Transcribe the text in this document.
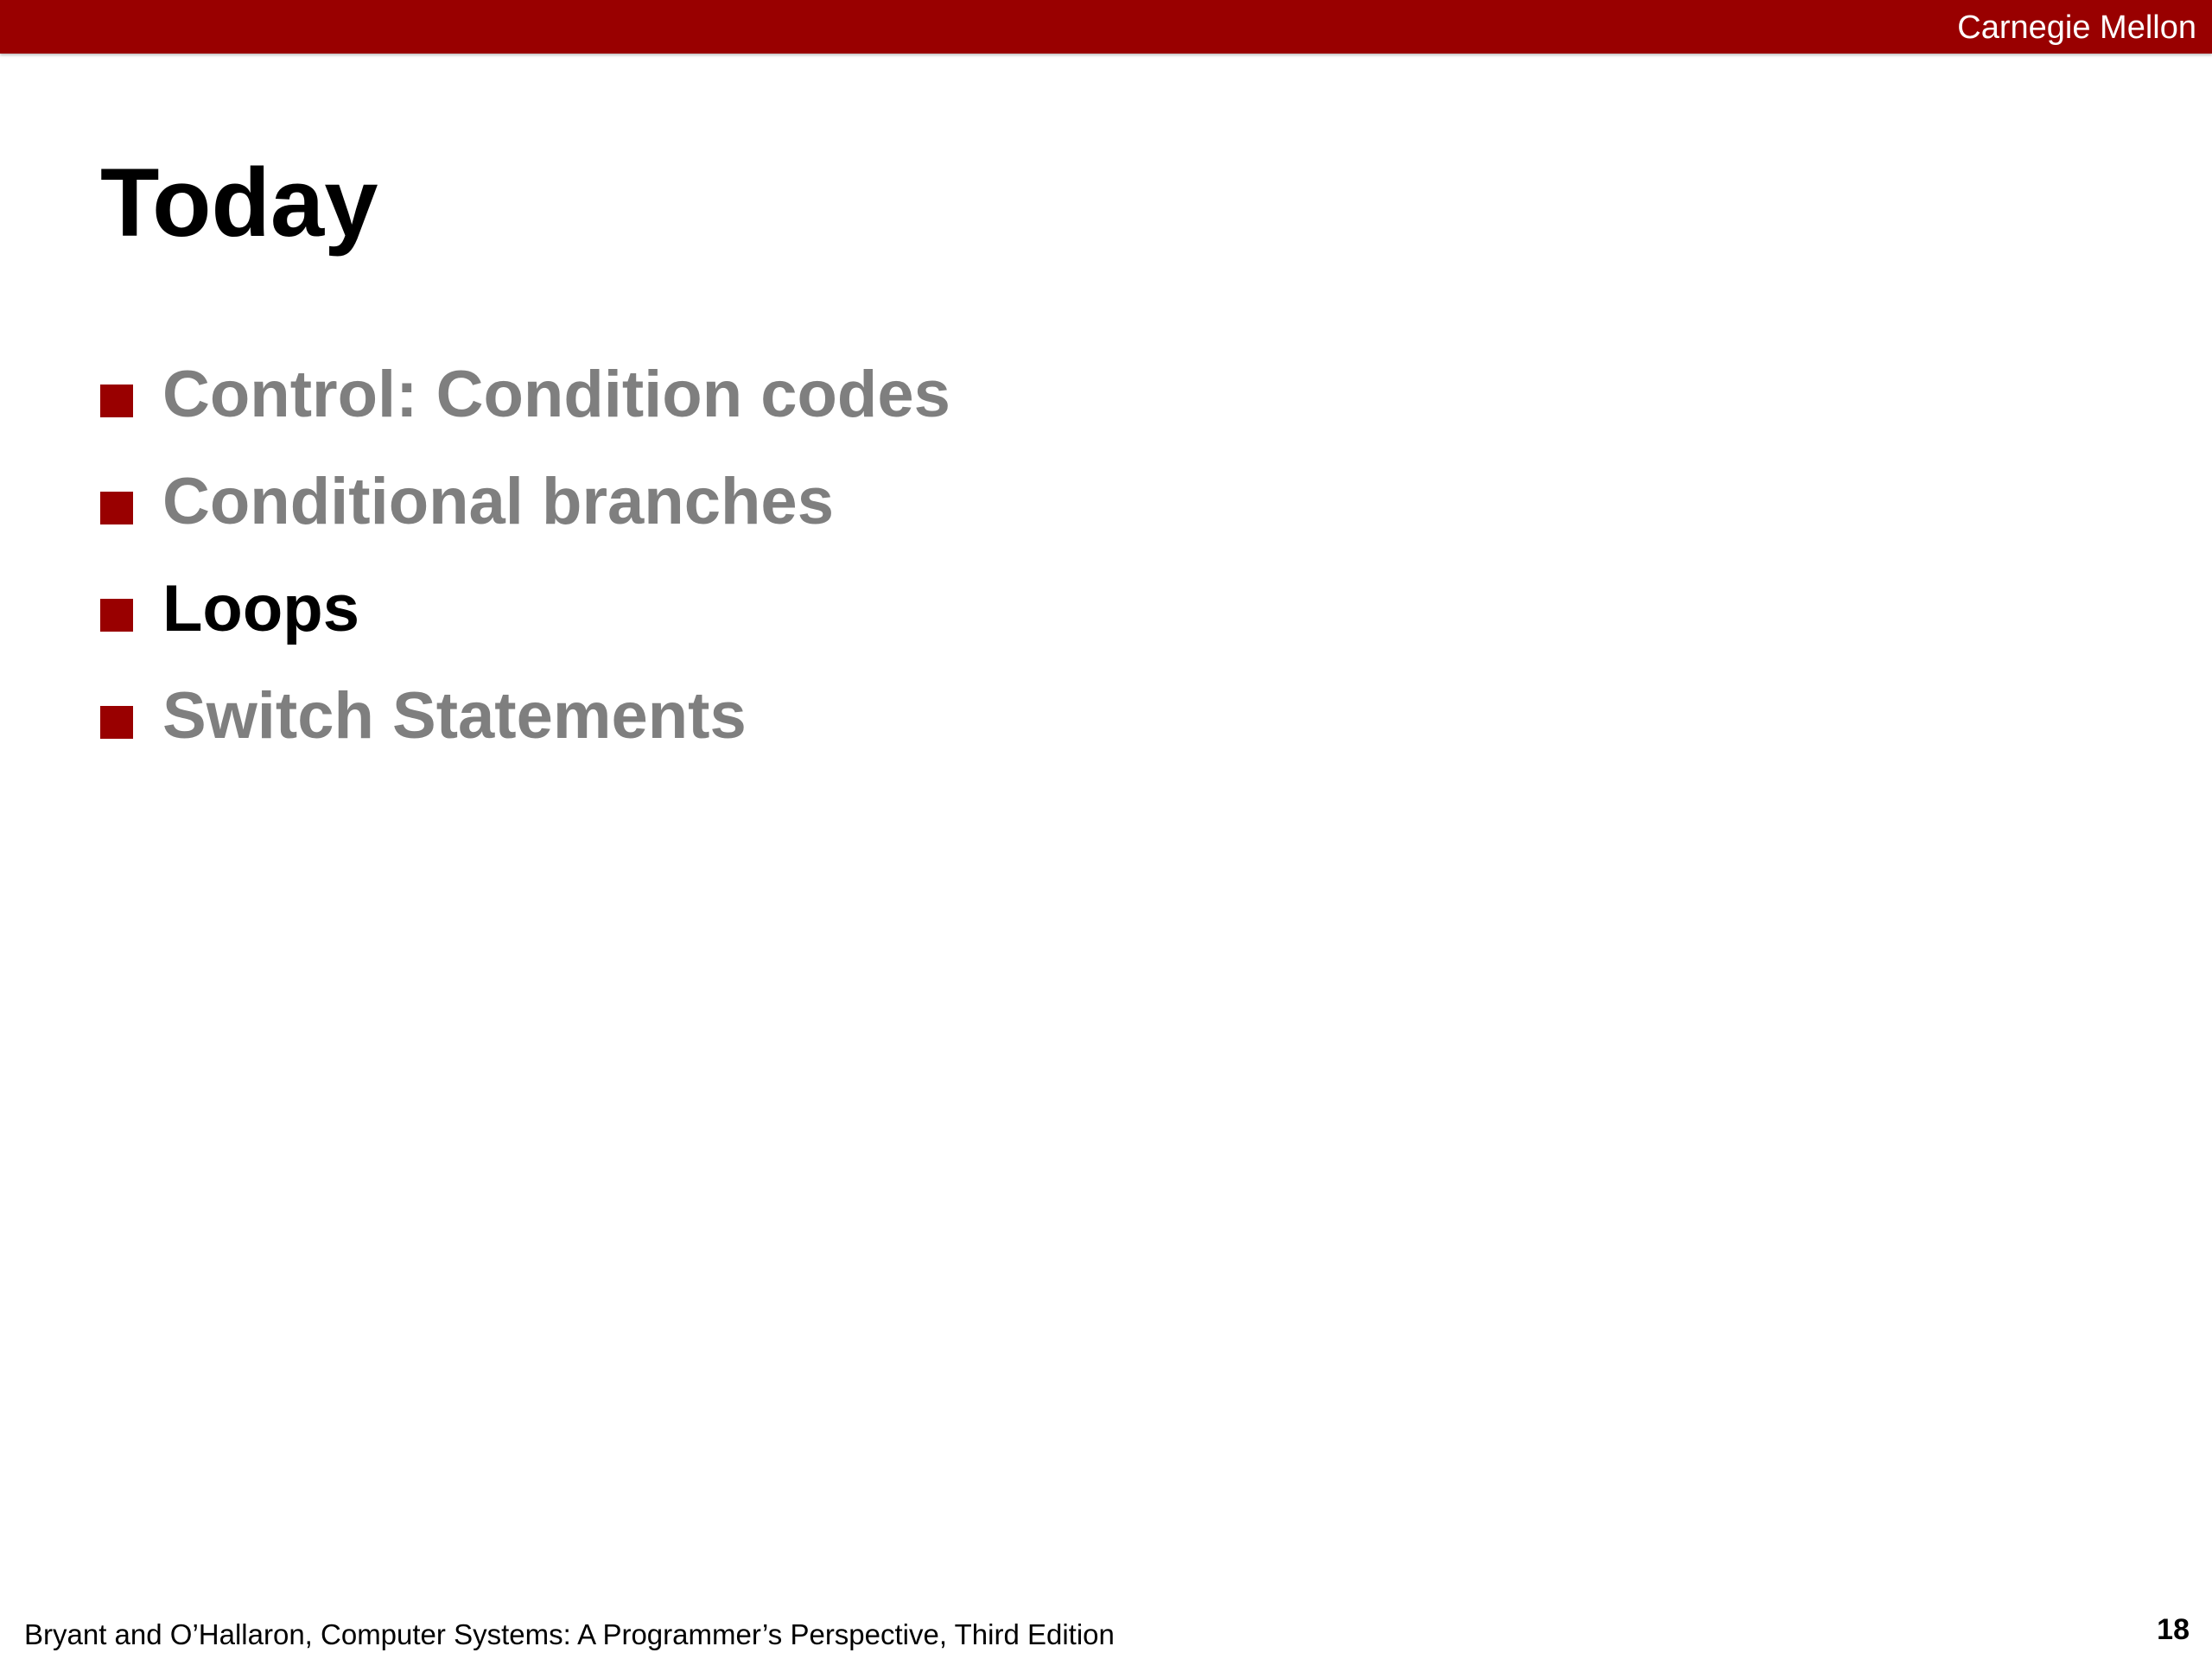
Carnegie Mellon
Today
Control: Condition codes
Conditional branches
Loops
Switch Statements
Bryant and O’Hallaron, Computer Systems: A Programmer’s Perspective, Third Edition	18
